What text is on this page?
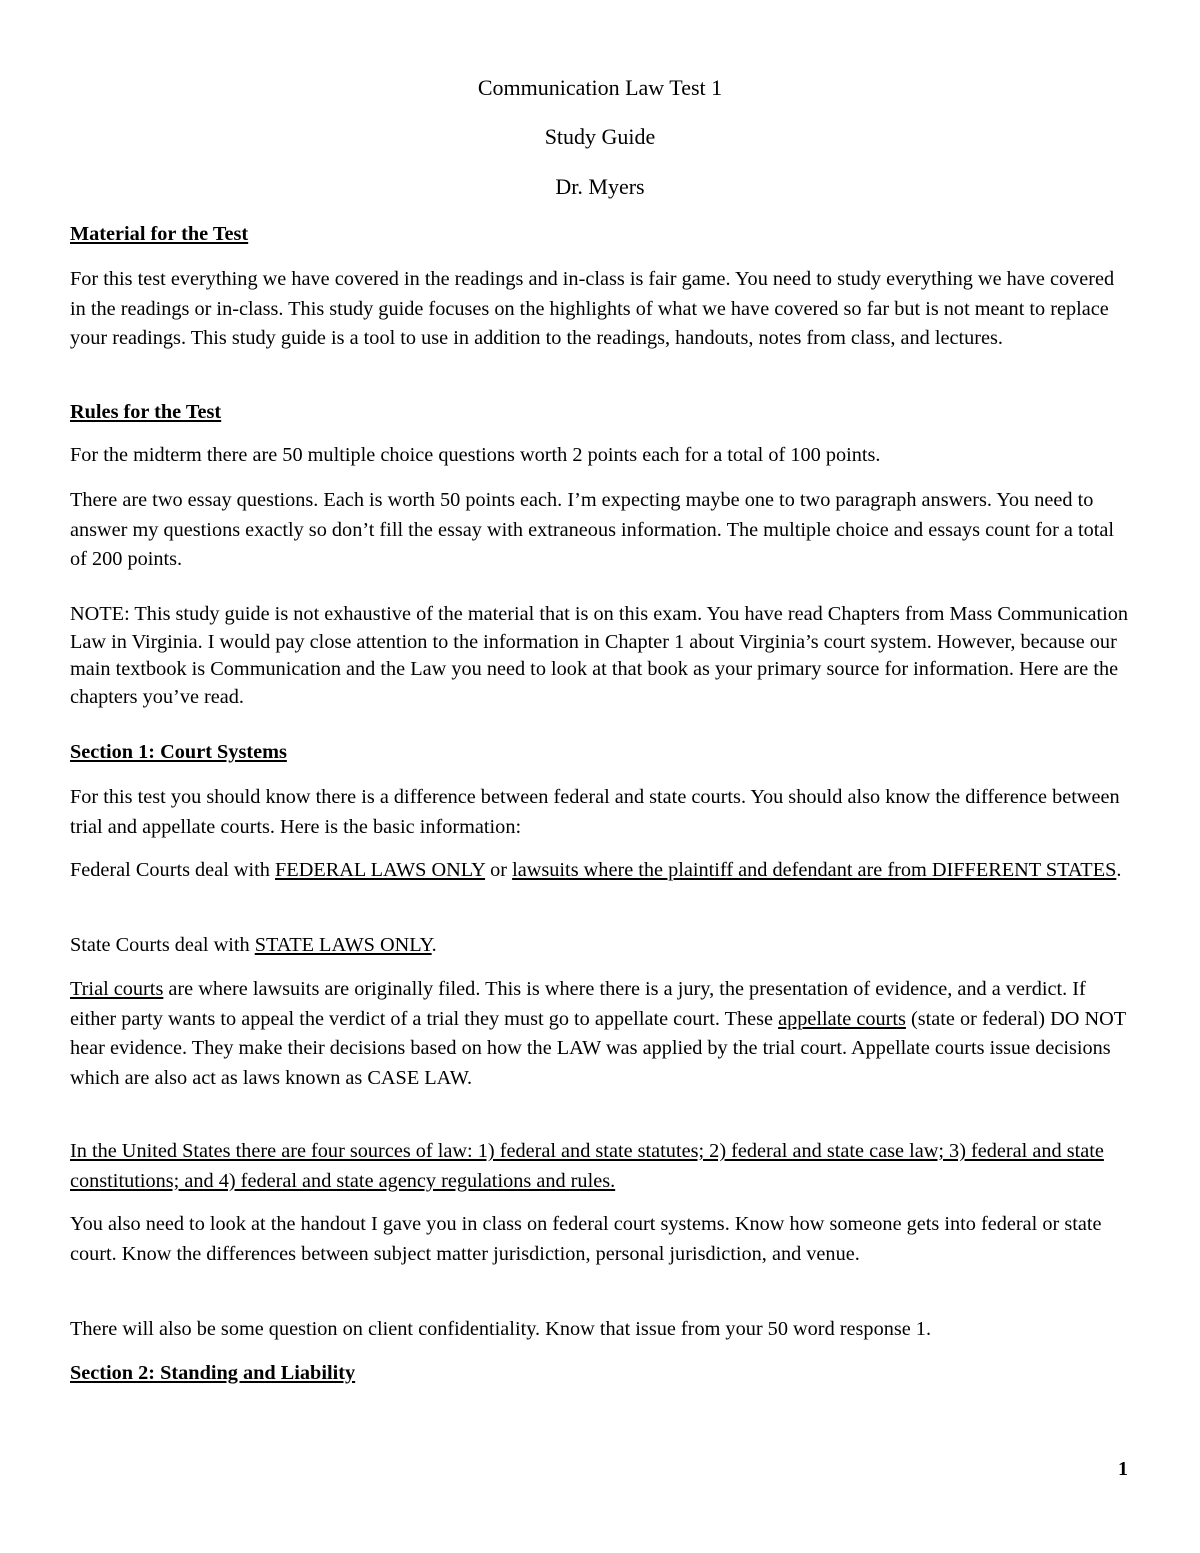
Communication Law Test 1

Study Guide

Dr. Myers

Material for the Test

For this test everything we have covered in the readings and in-class is fair game. You need to study everything we have covered in the readings or in-class. This study guide focuses on the highlights of what we have covered so far but is not meant to replace your readings. This study guide is a tool to use in addition to the readings, handouts, notes from class, and lectures.

Rules for the Test

For the midterm there are 50 multiple choice questions worth 2 points each for a total of 100 points.

There are two essay questions. Each is worth 50 points each. I’m expecting maybe one to two paragraph answers. You need to answer my questions exactly so don’t fill the essay with extraneous information. The multiple choice and essays count for a total of 200 points.

NOTE: This study guide is not exhaustive of the material that is on this exam. You have read Chapters from Mass Communication Law in Virginia. I would pay close attention to the information in Chapter 1 about Virginia’s court system. However, because our main textbook is Communication and the Law you need to look at that book as your primary source for information. Here are the chapters you’ve read.

Section 1: Court Systems

For this test you should know there is a difference between federal and state courts. You should also know the difference between trial and appellate courts. Here is the basic information:

Federal Courts deal with FEDERAL LAWS ONLY or lawsuits where the plaintiff and defendant are from DIFFERENT STATES.

State Courts deal with STATE LAWS ONLY.

Trial courts are where lawsuits are originally filed. This is where there is a jury, the presentation of evidence, and a verdict. If either party wants to appeal the verdict of a trial they must go to appellate court. These appellate courts (state or federal) DO NOT hear evidence. They make their decisions based on how the LAW was applied by the trial court. Appellate courts issue decisions which are also act as laws known as CASE LAW.

In the United States there are four sources of law: 1) federal and state statutes; 2) federal and state case law; 3) federal and state constitutions; and 4) federal and state agency regulations and rules.

You also need to look at the handout I gave you in class on federal court systems. Know how someone gets into federal or state court. Know the differences between subject matter jurisdiction, personal jurisdiction, and venue.

There will also be some question on client confidentiality. Know that issue from your 50 word response 1.

Section 2: Standing and Liability

1
